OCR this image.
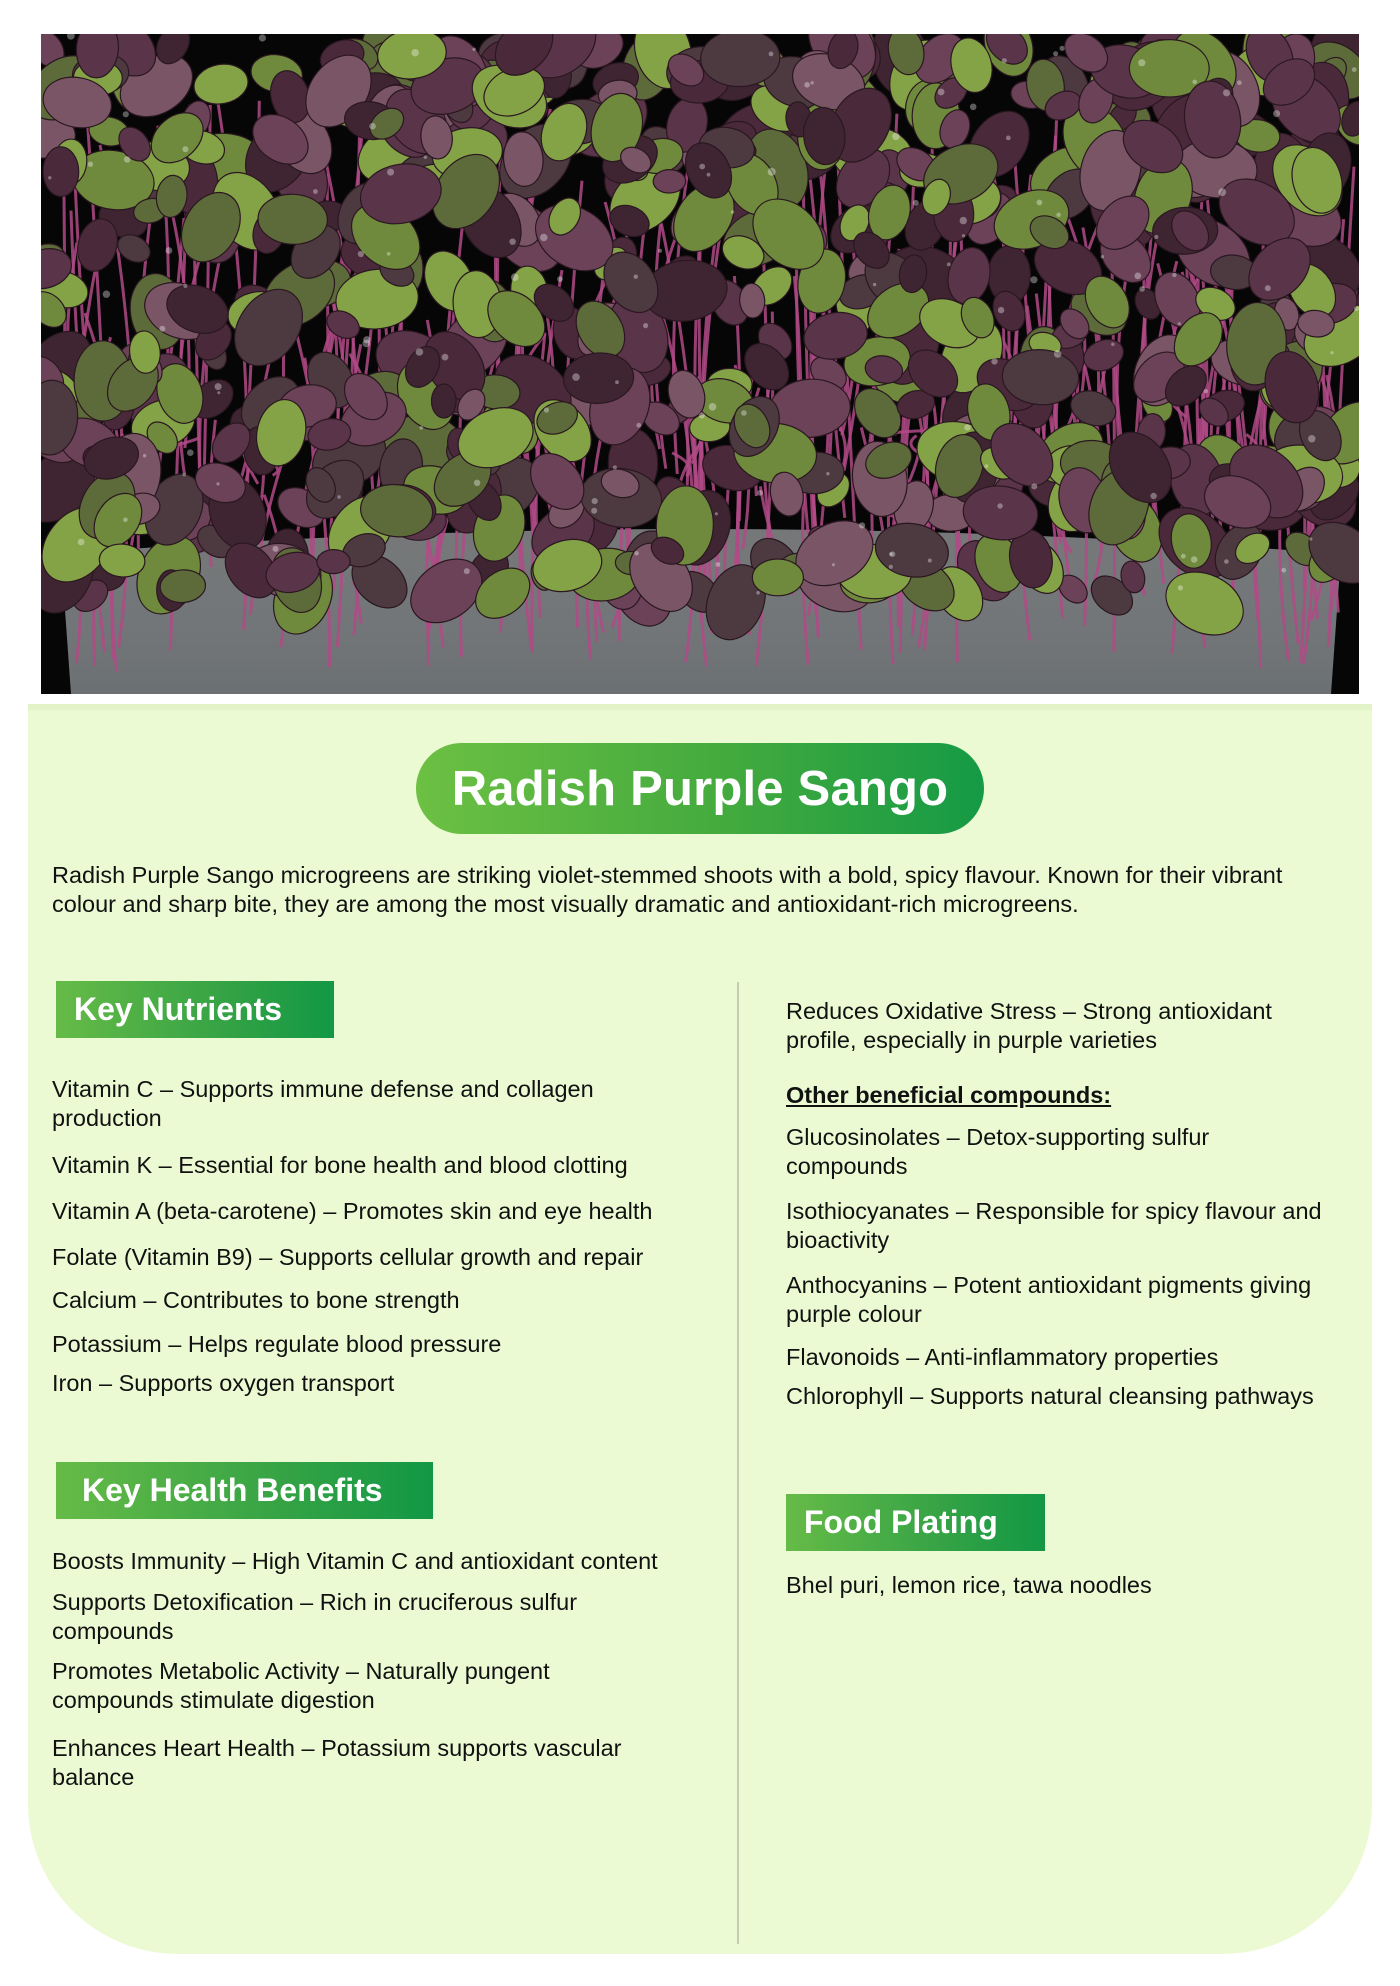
Radish Purple Sango

Radish Purple Sango microgreens are striking violet-stemmed shoots with a bold, spicy flavour. Known for their vibrant colour and sharp bite, they are among the most visually dramatic and antioxidant-rich microgreens.

Key Nutrients

Vitamin C – Supports immune defense and collagen production

Vitamin K – Essential for bone health and blood clotting

Vitamin A (beta-carotene) – Promotes skin and eye health

Folate (Vitamin B9) – Supports cellular growth and repair

Calcium – Contributes to bone strength

Potassium – Helps regulate blood pressure

Iron – Supports oxygen transport

Key Health Benefits

Boosts Immunity – High Vitamin C and antioxidant content

Supports Detoxification – Rich in cruciferous sulfur compounds

Promotes Metabolic Activity – Naturally pungent compounds stimulate digestion

Enhances Heart Health – Potassium supports vascular balance

Reduces Oxidative Stress – Strong antioxidant profile, especially in purple varieties

Other beneficial compounds:

Glucosinolates – Detox-supporting sulfur compounds

Isothiocyanates – Responsible for spicy flavour and bioactivity

Anthocyanins – Potent antioxidant pigments giving purple colour

Flavonoids – Anti-inflammatory properties

Chlorophyll – Supports natural cleansing pathways

Food Plating

Bhel puri, lemon rice, tawa noodles
